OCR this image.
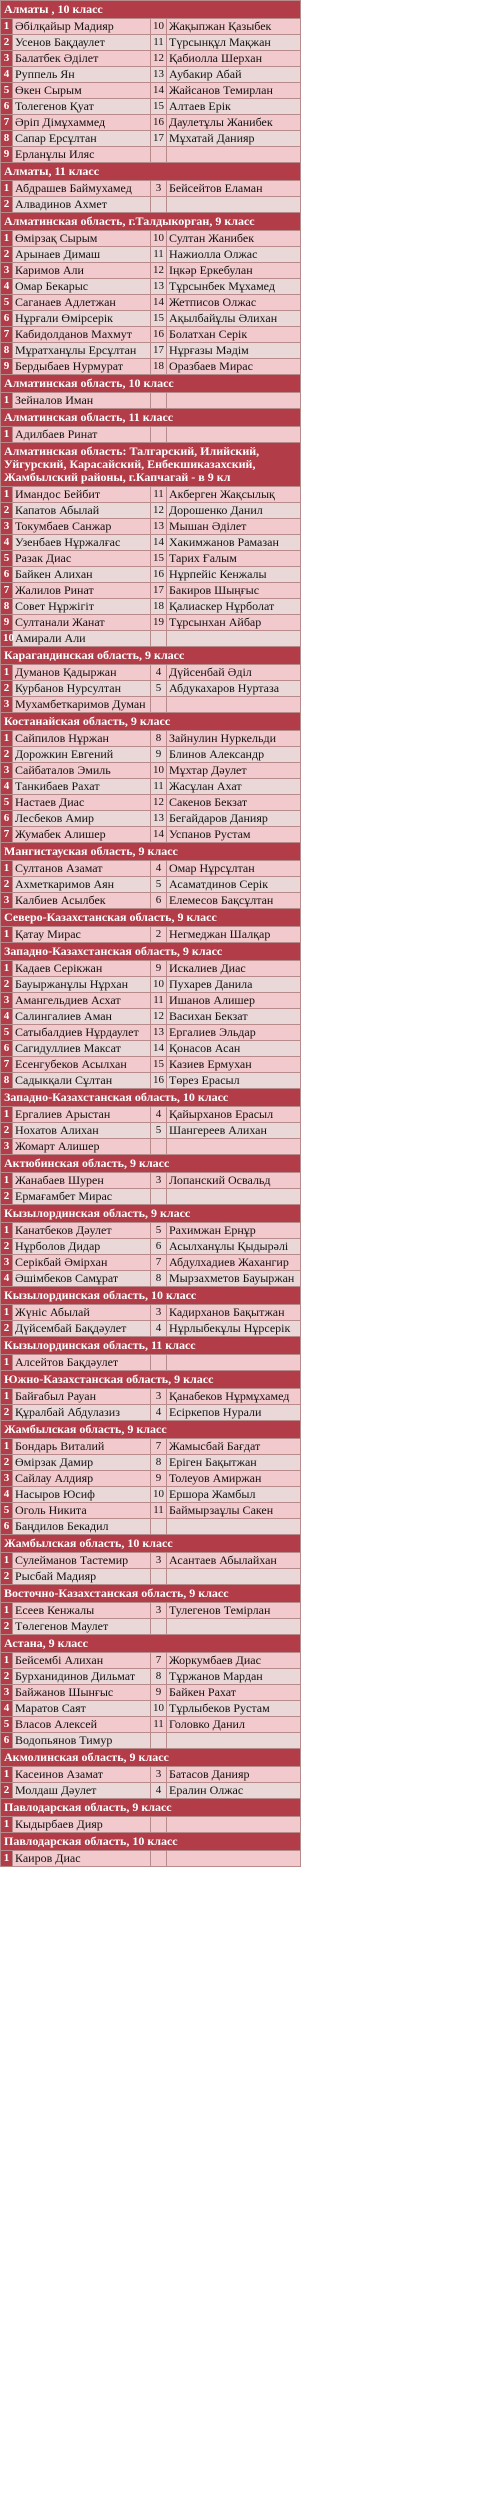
Алматы , 10 класс			
1	Әбілқайыр Мадияр	10	Жақыпжан Қазыбек
2	Усенов Бақдаулет	11	Түрсынқұл Мақжан
3	Балатбек Әділет	12	Қабиолла Шерхан
4	Руппель Ян	13	Аубакир Абай
5	Өкен Сырым	14	Жайсанов Темирлан
6	Толегенов Қуат	15	Алтаев Ерік
7	Әріп Дімұхаммед	16	Даулетұлы Жанибек
8	Сапар Ерсұлтан	17	Мұхатай Данияр
9	Ерланұлы Иляс		
Алматы, 11 класс			
1	Абдрашев Баймухамед	3	Бейсейтов Еламан
2	Алвадинов Ахмет		
Алматинская область, г.Талдыкорган, 9 класс			
1	Өмірзақ Сырым	10	Султан Жанибек
2	Арынаев Димаш	11	Нажиолла Олжас
3	Каримов Али	12	Іңкәр Еркебулан
4	Омар Бекарыс	13	Тұрсынбек Мұхамед
5	Саганаев Адлетжан	14	Жетписов Олжас
6	Нұрғали Өмірсерік	15	Ақылбайұлы Әлихан
7	Кабидолданов Махмут	16	Болатхан Серік
8	Мұратханұлы Ерсұлтан	17	Нұрғазы Мәдім
9	Бердыбаев Нурмурат	18	Оразбаев Мирас
Алматинская область, 10 класс			
1	Зейналов Иман		
Алматинская область, 11 класс			
1	Адилбаев Ринат		
Алматинская область: Талгарский, Илийский, Уйгурский, Карасайский, Енбекшиказахский, Жамбылский районы, г.Капчагай - в 9 кл			
1	Имандос Бейбит	11	Акберген Жақсылық
2	Капатов Абылай	12	Дорошенко Данил
3	Токумбаев Санжар	13	Мышан Әділет
4	Узенбаев Нұржалғас	14	Хакимжанов Рамазан
5	Разак Диас	15	Тарих Ғалым
6	Байкен Алихан	16	Нұрпейіс Кенжалы
7	Жалилов Ринат	17	Бакиров Шыңғыс
8	Совет Нұржігіт	18	Қалиаскер Нұрболат
9	Султанали Жанат	19	Тұрсынхан Айбар
10	Амирали Али		
Карагандинская область, 9 класс			
1	Думанов Қадыржан	4	Дүйсенбай Әділ
2	Курбанов Нурсултан	5	Абдукахаров Нуртаза
3	Мухамбеткаримов Думан		
Костанайская область, 9 класс			
1	Сайпилов Нұржан	8	Зайнулин Нуркельди
2	Дорожкин Евгений	9	Блинов Александр
3	Сайбаталов Эмиль	10	Мұхтар Дәулет
4	Танкибаев Рахат	11	Жасұлан Ахат
5	Настаев Диас	12	Сакенов Бекзат
6	Лесбеков Амир	13	Бегайдаров Данияр
7	Жумабек Алишер	14	Успанов Рустам
Мангистауская область, 9 класс			
1	Султанов Азамат	4	Омар Нұрсұлтан
2	Ахметкаримов Аян	5	Асаматдинов Серік
3	Калбиев Асылбек	6	Елемесов Бақсұлтан
Северо-Казахстанская область, 9 класс			
1	Қатау Мирас	2	Негмеджан Шалқар
Западно-Казахстанская область, 9 класс			
1	Кадаев Серікжан	9	Искалиев Диас
2	Бауыржанұлы Нұрхан	10	Пухарев Данила
3	Амангельдиев Асхат	11	Ишанов Алишер
4	Салингалиев Аман	12	Васихан Бекзат
5	Сатыбалдиев Нұрдаулет	13	Ергалиев Эльдар
6	Сагидуллиев Максат	14	Қонасов Асан
7	Есенгубеков Асылхан	15	Казиев Ермухан
8	Садыкқали Сұлтан	16	Төрез Ерасыл
Западно-Казахстанская область, 10 класс			
1	Ергалиев Арыстан	4	Қайырханов Ерасыл
2	Нохатов Алихан	5	Шангереев Алихан
3	Жомарт Алишер		
Актюбинская область, 9 класс			
1	Жанабаев Шурен	3	Лопанский Освальд
2	Ермағамбет Мирас		
Кызылординская область, 9 класс			
1	Канатбеков Дәулет	5	Рахимжан Ернұр
2	Нұрболов Дидар	6	Асылханұлы Қыдырәлі
3	Серікбай Әмірхан	7	Абдулхадиев Жахангир
4	Әшімбеков Самұрат	8	Мырзахметов Бауыржан
Кызылординская область, 10 класс			
1	Жүніс Абылай	3	Кадирханов Бақытжан
2	Дүйсембай Бақдәулет	4	Нұрлыбекұлы Нұрсерік
Кызылординская область, 11 класс			
1	Алсейтов Бақдәулет		
Южно-Казахстанская область, 9 класс			
1	Байғабыл Рауан	3	Қанабеков Нұрмұхамед
2	Құралбай Абдулазиз	4	Есіркепов Нурали
Жамбылская область, 9 класс			
1	Бондарь Виталий	7	Жамысбай Бағдат
2	Өмірзак Дамир	8	Еріген Бақытжан
3	Сайлау Алдияр	9	Толеуов Амиржан
4	Насыров Юсиф	10	Ершора Жамбыл
5	Оголь Никита	11	Баймырзаұлы Сакен
6	Баңдилов Бекадил		
Жамбылская область, 10 класс			
1	Сулейманов Тастемир	3	Асантаев Абылайхан
2	Рысбай Мадияр		
Восточно-Казахстанская область, 9 класс			
1	Есеев Кенжалы	3	Тулегенов Темірлан
2	Төлегенов Маулет		
Астана, 9 класс			
1	Бейсембі Алихан	7	Жоркумбаев Диас
2	Бурханидинов Дильмат	8	Тұржанов Мардан
3	Байжанов Шынғыс	9	Байкен Рахат
4	Маратов Саят	10	Тұрлыбеков Рустам
5	Власов Алексей	11	Головко Данил
6	Водопьянов Тимур		
Акмолинская область, 9 класс			
1	Касеинов Азамат	3	Батасов Данияр
2	Молдаш Дәулет	4	Ералин Олжас
Павлодарская область, 9 класс			
1	Кыдырбаев Дияр		
Павлодарская область, 10 класс			
1	Каиров Диас		
